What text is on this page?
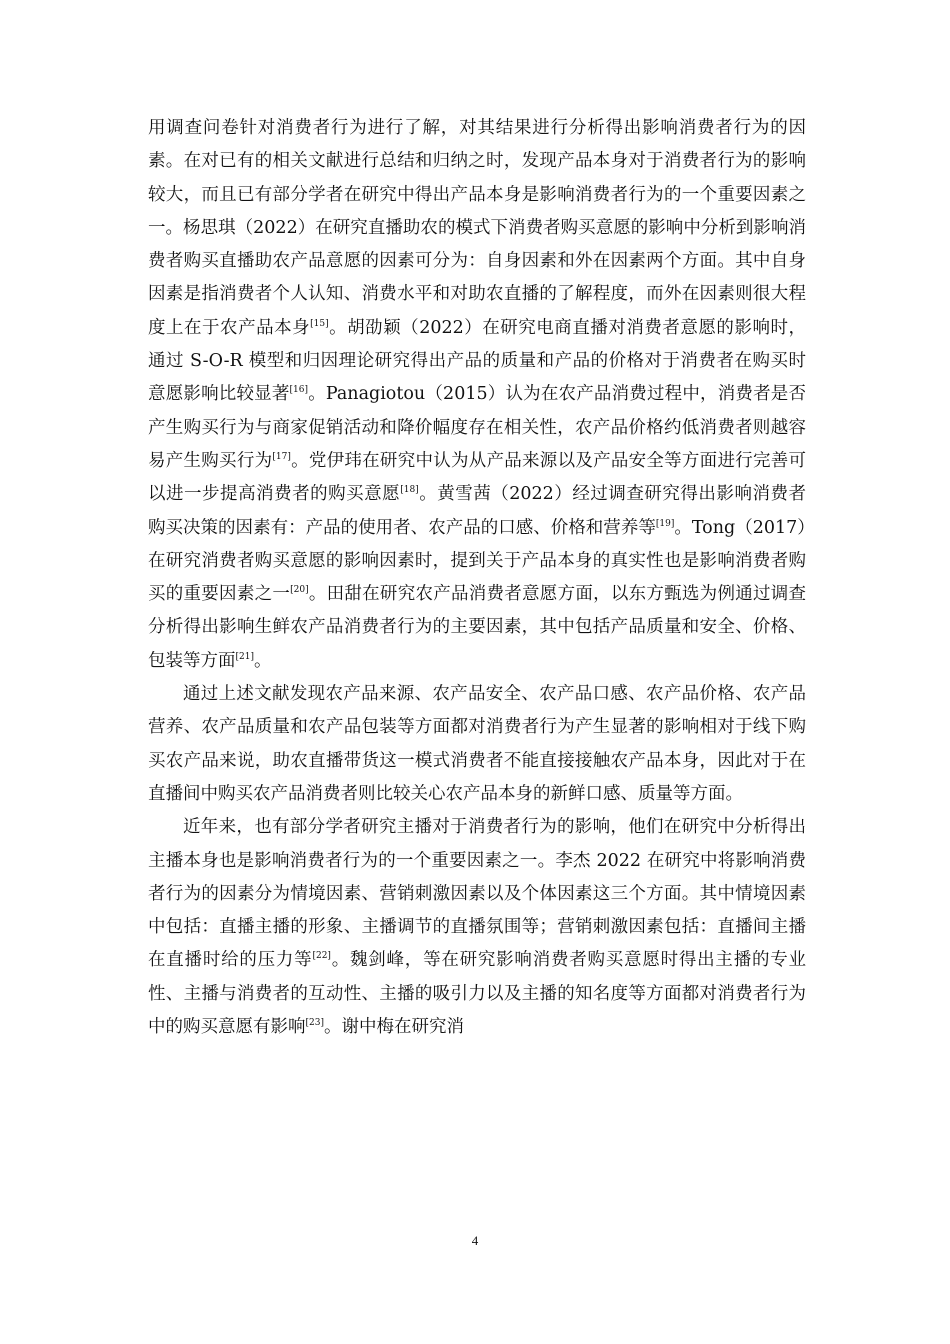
用调查问卷针对消费者行为进行了解，对其结果进行分析得出影响消费者行为的因素。在对已有的相关文献进行总结和归纳之时，发现产品本身对于消费者行为的影响较大，而且已有部分学者在研究中得出产品本身是影响消费者行为的一个重要因素之一。杨思琪（2022）在研究直播助农的模式下消费者购买意愿的影响中分析到影响消费者购买直播助农产品意愿的因素可分为：自身因素和外在因素两个方面。其中自身因素是指消费者个人认知、消费水平和对助农直播的了解程度，而外在因素则很大程度上在于农产品本身[15]。胡劭颖（2022）在研究电商直播对消费者意愿的影响时，通过 S-O-R 模型和归因理论研究得出产品的质量和产品的价格对于消费者在购买时意愿影响比较显著[16]。Panagiotou（2015）认为在农产品消费过程中，消费者是否产生购买行为与商家促销活动和降价幅度存在相关性，农产品价格约低消费者则越容易产生购买行为[17]。党伊玮在研究中认为从产品来源以及产品安全等方面进行完善可以进一步提高消费者的购买意愿[18]。黄雪茜（2022）经过调查研究得出影响消费者购买决策的因素有：产品的使用者、农产品的口感、价格和营养等[19]。Tong（2017）在研究消费者购买意愿的影响因素时，提到关于产品本身的真实性也是影响消费者购买的重要因素之一[20]。田甜在研究农产品消费者意愿方面，以东方甄选为例通过调查分析得出影响生鲜农产品消费者行为的主要因素，其中包括产品质量和安全、价格、包装等方面[21]。

通过上述文献发现农产品来源、农产品安全、农产品口感、农产品价格、农产品营养、农产品质量和农产品包装等方面都对消费者行为产生显著的影响相对于线下购买农产品来说，助农直播带货这一模式消费者不能直接接触农产品本身，因此对于在直播间中购买农产品消费者则比较关心农产品本身的新鲜口感、质量等方面。

近年来，也有部分学者研究主播对于消费者行为的影响，他们在研究中分析得出主播本身也是影响消费者行为的一个重要因素之一。李杰 2022 在研究中将影响消费者行为的因素分为情境因素、营销刺激因素以及个体因素这三个方面。其中情境因素中包括：直播主播的形象、主播调节的直播氛围等；营销刺激因素包括：直播间主播在直播时给的压力等[22]。魏剑峰，等在研究影响消费者购买意愿时得出主播的专业性、主播与消费者的互动性、主播的吸引力以及主播的知名度等方面都对消费者行为中的购买意愿有影响[23]。谢中梅在研究消

4
